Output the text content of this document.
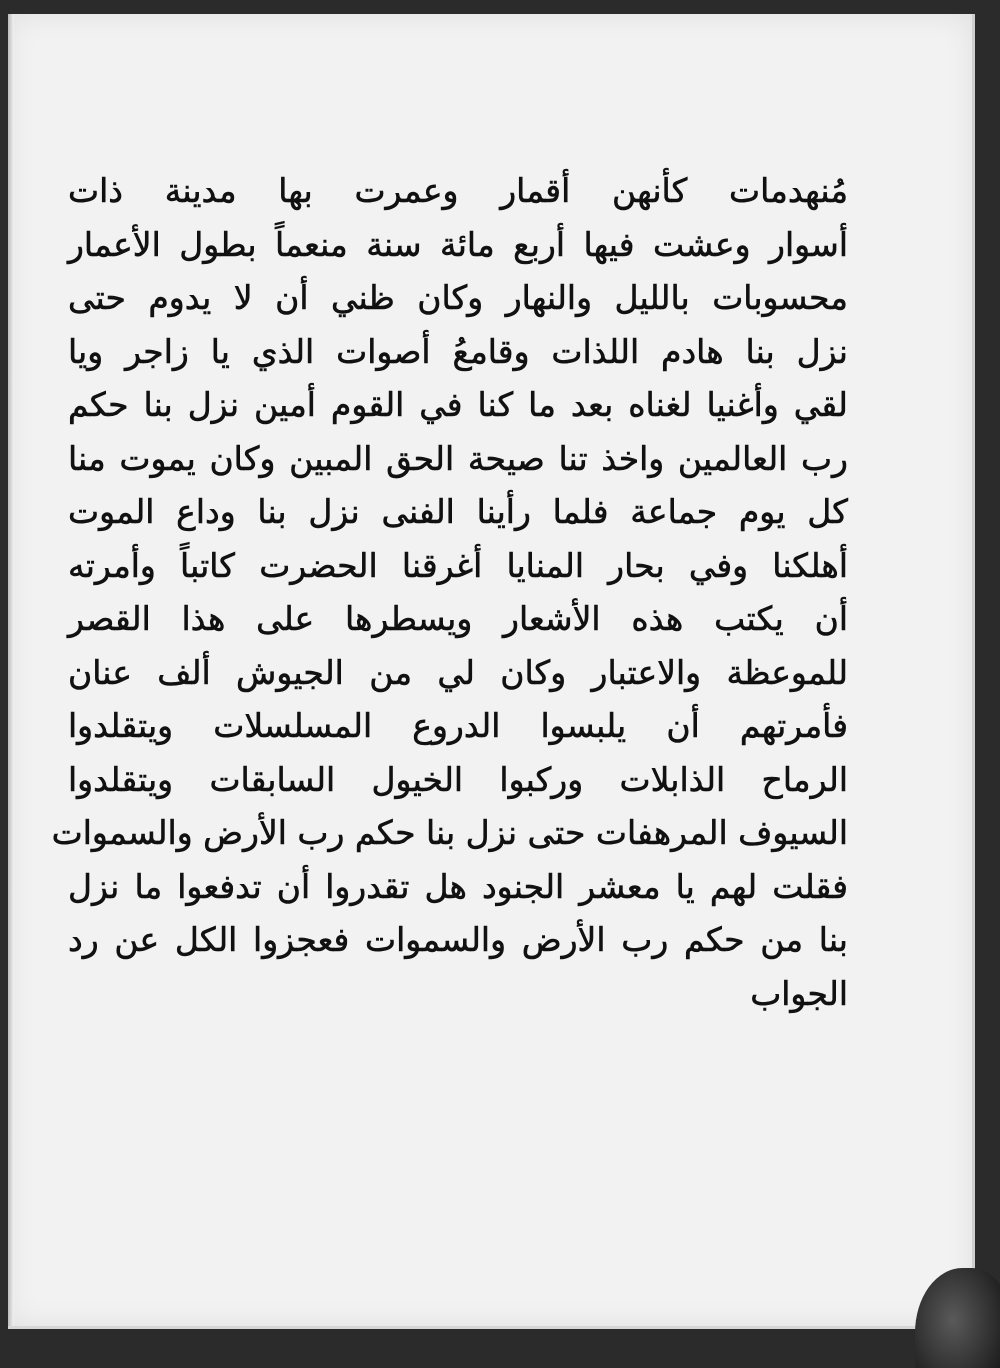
مُنهدمات كأنهن أقمار وعمرت بها مدينة ذات
أسوار وعشت فيها أربع مائة سنة منعماً بطول الأعمار
محسوبات بالليل والنهار وكان ظني أن لا يدوم حتى
نزل بنا هادم اللذات وقامعُ أصوات الذي يا زاجر ويا
لقي وأغنيا لغناه بعد ما كنا في القوم أمين نزل بنا حكم
رب العالمين واخذ تنا صيحة الحق المبين وكان يموت منا
كل يوم جماعة فلما رأينا الفنى نزل بنا وداع الموت
أهلكنا وفي بحار المنايا أغرقنا الحضرت كاتباً وأمرته
أن يكتب هذه الأشعار ويسطرها على هذا القصر
للموعظة والاعتبار وكان لي من الجيوش ألف عنان
فأمرتهم أن يلبسوا الدروع المسلسلات ويتقلدوا
الرماح الذابلات وركبوا الخيول السابقات ويتقلدوا
السيوف المرهفات حتى نزل بنا حكم رب الأرض والسموات
فقلت لهم يا معشر الجنود هل تقدروا أن تدفعوا ما نزل
بنا من حكم رب الأرض والسموات فعجزوا الكل عن رد
الجواب
